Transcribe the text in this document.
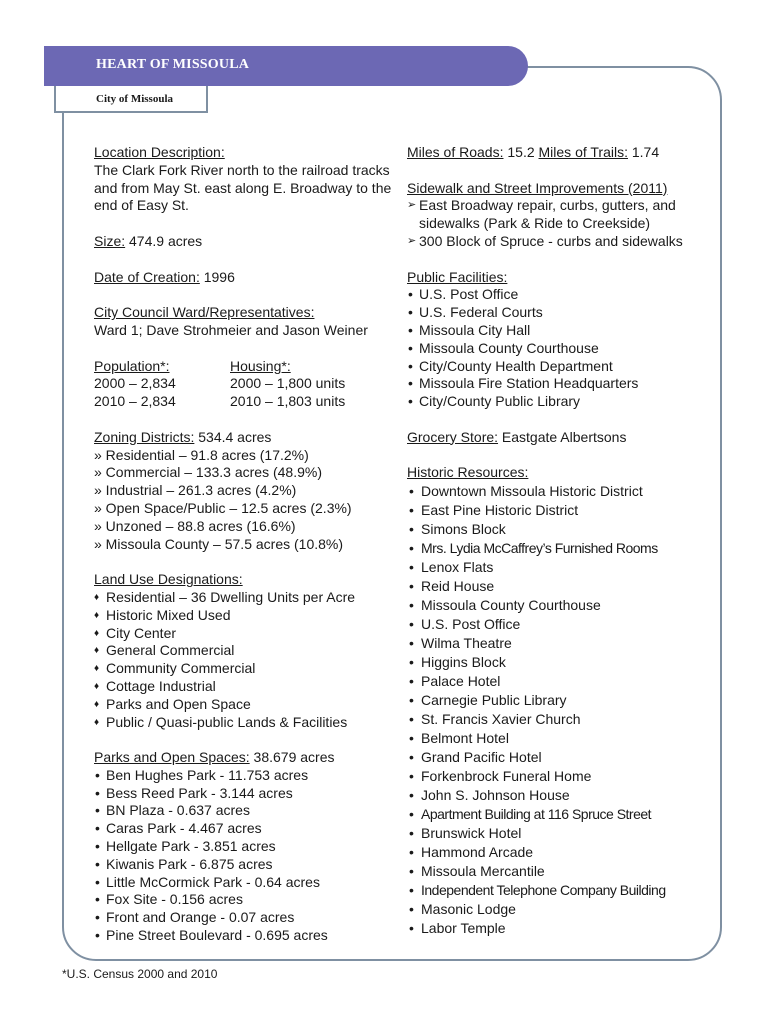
HEART OF MISSOULA
City of Missoula
Location Description:
The Clark Fork River north to the railroad tracks and from May St. east along E. Broadway to the end of Easy St.
Size: 474.9 acres
Date of Creation: 1996
City Council Ward/Representatives:
Ward 1; Dave Strohmeier and Jason Weiner
Population*:
2000 – 2,834
2010 – 2,834
Housing*:
2000 – 1,800 units
2010 – 1,803 units
Zoning Districts: 534.4 acres
» Residential – 91.8 acres (17.2%)
» Commercial – 133.3 acres (48.9%)
» Industrial – 261.3 acres (4.2%)
» Open Space/Public – 12.5 acres (2.3%)
» Unzoned – 88.8 acres (16.6%)
» Missoula County – 57.5 acres (10.8%)
Land Use Designations:
♦ Residential – 36 Dwelling Units per Acre
♦ Historic Mixed Used
♦ City Center
♦ General Commercial
♦ Community Commercial
♦ Cottage Industrial
♦ Parks and Open Space
♦ Public / Quasi-public Lands & Facilities
Parks and Open Spaces: 38.679 acres
• Ben Hughes Park - 11.753 acres
• Bess Reed Park - 3.144 acres
• BN Plaza - 0.637 acres
• Caras Park - 4.467 acres
• Hellgate Park - 3.851 acres
• Kiwanis Park - 6.875 acres
• Little McCormick Park - 0.64 acres
• Fox Site - 0.156 acres
• Front and Orange - 0.07 acres
• Pine Street Boulevard - 0.695 acres
Miles of Roads: 15.2 Miles of Trails: 1.74
Sidewalk and Street Improvements (2011)
➢ East Broadway repair, curbs, gutters, and sidewalks (Park & Ride to Creekside)
➢ 300 Block of Spruce - curbs and sidewalks
Public Facilities:
• U.S. Post Office
• U.S. Federal Courts
• Missoula City Hall
• Missoula County Courthouse
• City/County Health Department
• Missoula Fire Station Headquarters
• City/County Public Library
Grocery Store: Eastgate Albertsons
Historic Resources:
• Downtown Missoula Historic District
• East Pine Historic District
• Simons Block
• Mrs. Lydia McCaffrey’s Furnished Rooms
• Lenox Flats
• Reid House
• Missoula County Courthouse
• U.S. Post Office
• Wilma Theatre
• Higgins Block
• Palace Hotel
• Carnegie Public Library
• St. Francis Xavier Church
• Belmont Hotel
• Grand Pacific Hotel
• Forkenbrock Funeral Home
• John S. Johnson House
• Apartment Building at 116 Spruce Street
• Brunswick Hotel
• Hammond Arcade
• Missoula Mercantile
• Independent Telephone Company Building
• Masonic Lodge
• Labor Temple
*U.S. Census 2000 and 2010
